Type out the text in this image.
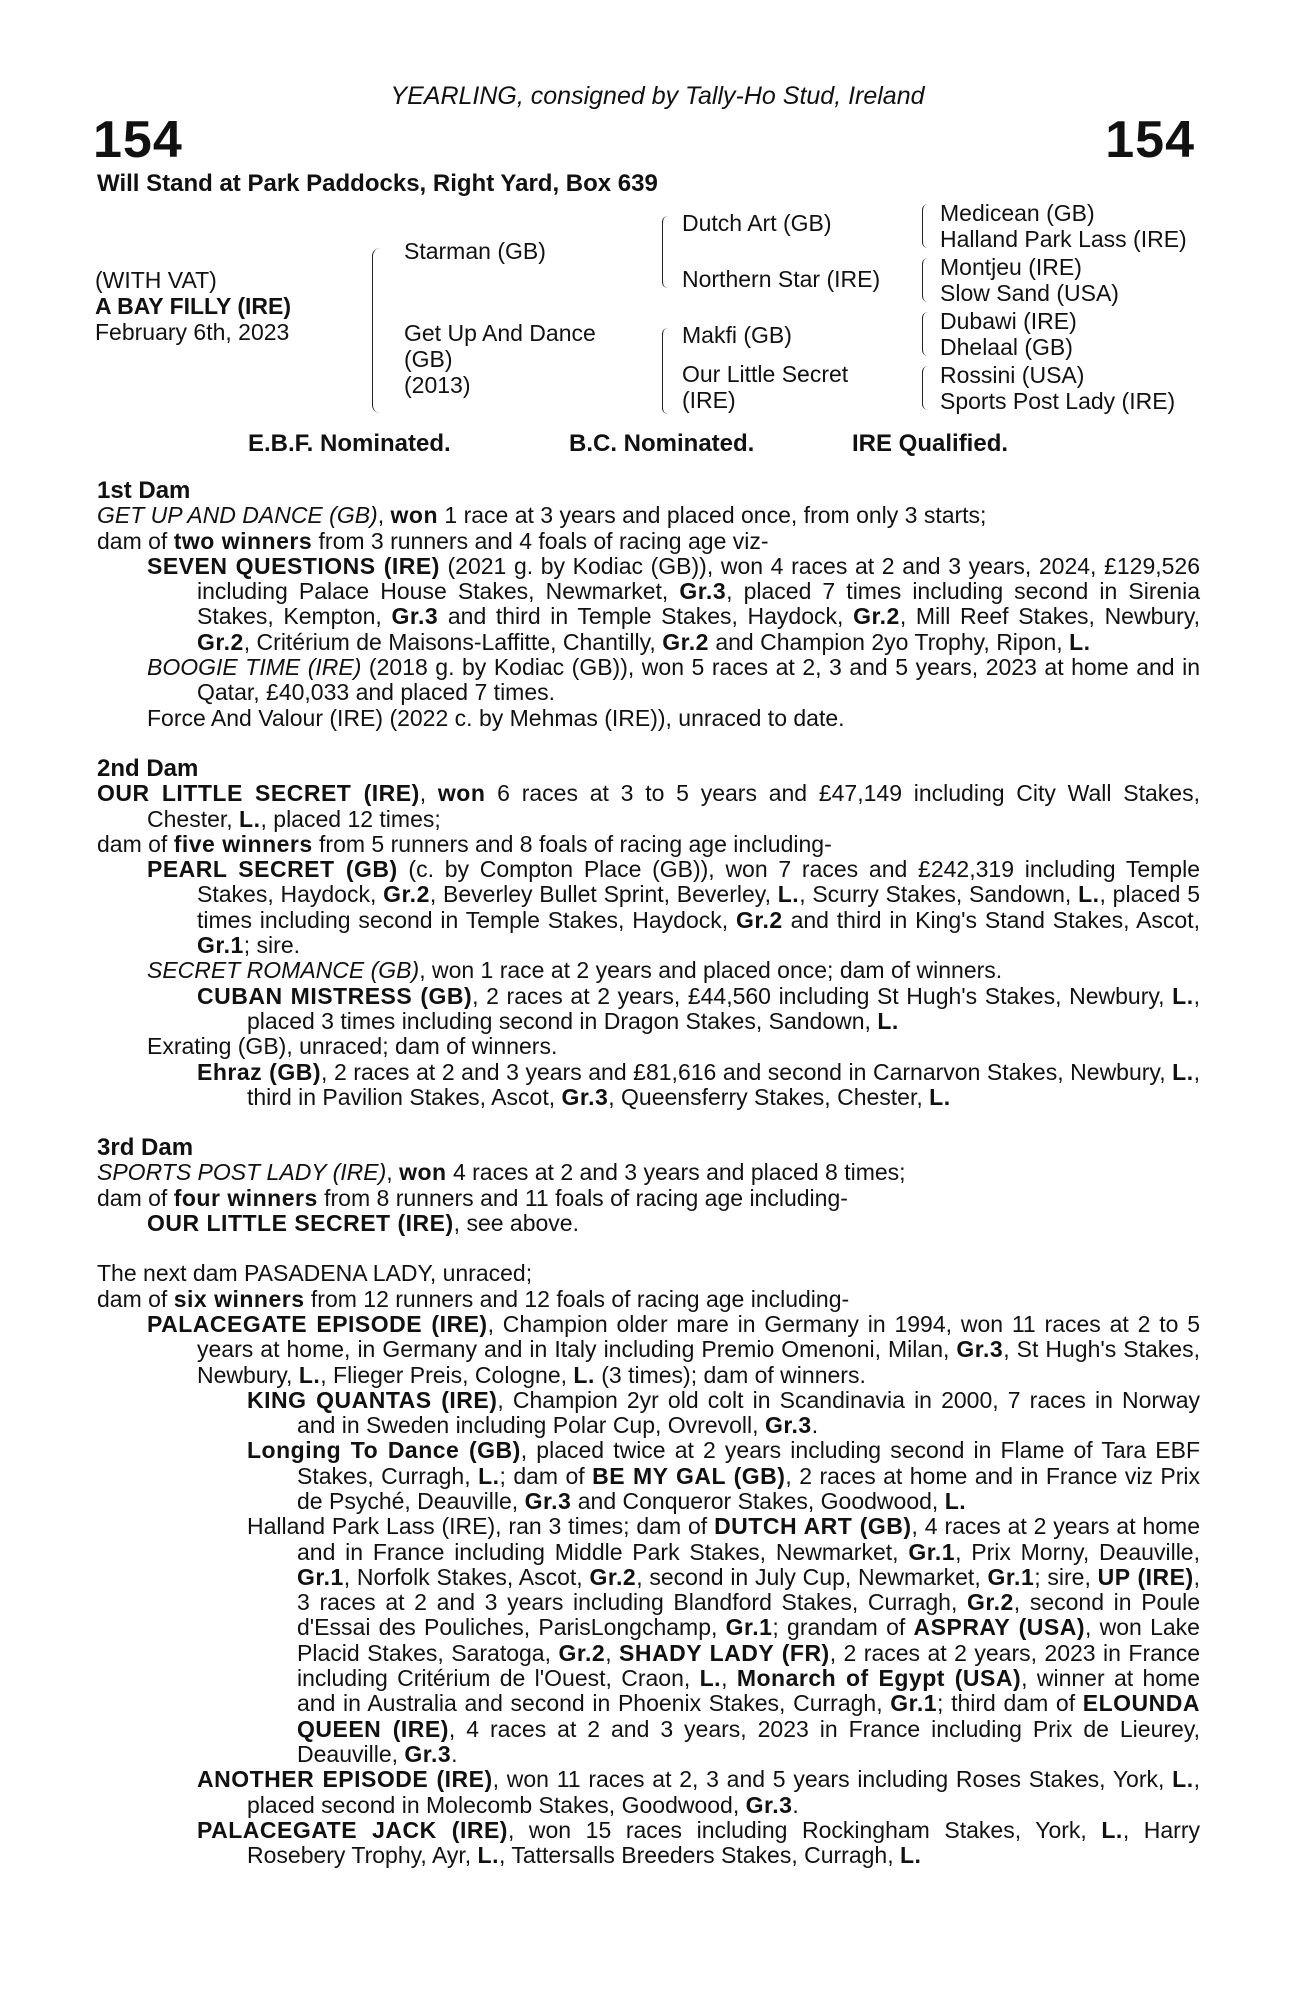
YEARLING, consigned by Tally-Ho Stud, Ireland
154	154
Will Stand at Park Paddocks, Right Yard, Box 639
(WITH VAT)
A BAY FILLY (IRE)
February 6th, 2023
Starman (GB)
Get Up And Dance
(GB)
(2013)
Dutch Art (GB)
Northern Star (IRE)
Makfi (GB)
Our Little Secret
(IRE)
Medicean (GB)
Halland Park Lass (IRE)
Montjeu (IRE)
Slow Sand (USA)
Dubawi (IRE)
Dhelaal (GB)
Rossini (USA)
Sports Post Lady (IRE)
E.B.F. Nominated.	B.C. Nominated.	IRE Qualified.

1st Dam

GET UP AND DANCE (GB), won 1 race at 3 years and placed once, from only 3 starts;

dam of two winners from 3 runners and 4 foals of racing age viz-

SEVEN QUESTIONS (IRE) (2021 g. by Kodiac (GB)), won 4 races at 2 and 3 years, 2024, £129,526 including Palace House Stakes, Newmarket, Gr.3, placed 7 times including second in Sirenia Stakes, Kempton, Gr.3 and third in Temple Stakes, Haydock, Gr.2, Mill Reef Stakes, Newbury, Gr.2, Critérium de Maisons-Laffitte, Chantilly, Gr.2 and Champion 2yo Trophy, Ripon, L.

BOOGIE TIME (IRE) (2018 g. by Kodiac (GB)), won 5 races at 2, 3 and 5 years, 2023 at home and in Qatar, £40,033 and placed 7 times.

Force And Valour (IRE) (2022 c. by Mehmas (IRE)), unraced to date.

2nd Dam

OUR LITTLE SECRET (IRE), won 6 races at 3 to 5 years and £47,149 including City Wall Stakes, Chester, L., placed 12 times;

dam of five winners from 5 runners and 8 foals of racing age including-

PEARL SECRET (GB) (c. by Compton Place (GB)), won 7 races and £242,319 including Temple Stakes, Haydock, Gr.2, Beverley Bullet Sprint, Beverley, L., Scurry Stakes, Sandown, L., placed 5 times including second in Temple Stakes, Haydock, Gr.2 and third in King's Stand Stakes, Ascot, Gr.1; sire.

SECRET ROMANCE (GB), won 1 race at 2 years and placed once; dam of winners.

CUBAN MISTRESS (GB), 2 races at 2 years, £44,560 including St Hugh's Stakes, Newbury, L., placed 3 times including second in Dragon Stakes, Sandown, L.

Exrating (GB), unraced; dam of winners.

Ehraz (GB), 2 races at 2 and 3 years and £81,616 and second in Carnarvon Stakes, Newbury, L., third in Pavilion Stakes, Ascot, Gr.3, Queensferry Stakes, Chester, L.

3rd Dam

SPORTS POST LADY (IRE), won 4 races at 2 and 3 years and placed 8 times;

dam of four winners from 8 runners and 11 foals of racing age including-

OUR LITTLE SECRET (IRE), see above.

The next dam PASADENA LADY, unraced;

dam of six winners from 12 runners and 12 foals of racing age including-

PALACEGATE EPISODE (IRE), Champion older mare in Germany in 1994, won 11 races at 2 to 5 years at home, in Germany and in Italy including Premio Omenoni, Milan, Gr.3, St Hugh's Stakes, Newbury, L., Flieger Preis, Cologne, L. (3 times); dam of winners.

KING QUANTAS (IRE), Champion 2yr old colt in Scandinavia in 2000, 7 races in Norway and in Sweden including Polar Cup, Ovrevoll, Gr.3.

Longing To Dance (GB), placed twice at 2 years including second in Flame of Tara EBF Stakes, Curragh, L.; dam of BE MY GAL (GB), 2 races at home and in France viz Prix de Psyché, Deauville, Gr.3 and Conqueror Stakes, Goodwood, L.

Halland Park Lass (IRE), ran 3 times; dam of DUTCH ART (GB), 4 races at 2 years at home and in France including Middle Park Stakes, Newmarket, Gr.1, Prix Morny, Deauville, Gr.1, Norfolk Stakes, Ascot, Gr.2, second in July Cup, Newmarket, Gr.1; sire, UP (IRE), 3 races at 2 and 3 years including Blandford Stakes, Curragh, Gr.2, second in Poule d'Essai des Pouliches, ParisLongchamp, Gr.1; grandam of ASPRAY (USA), won Lake Placid Stakes, Saratoga, Gr.2, SHADY LADY (FR), 2 races at 2 years, 2023 in France including Critérium de l'Ouest, Craon, L., Monarch of Egypt (USA), winner at home and in Australia and second in Phoenix Stakes, Curragh, Gr.1; third dam of ELOUNDA QUEEN (IRE), 4 races at 2 and 3 years, 2023 in France including Prix de Lieurey, Deauville, Gr.3.

ANOTHER EPISODE (IRE), won 11 races at 2, 3 and 5 years including Roses Stakes, York, L., placed second in Molecomb Stakes, Goodwood, Gr.3.

PALACEGATE JACK (IRE), won 15 races including Rockingham Stakes, York, L., Harry Rosebery Trophy, Ayr, L., Tattersalls Breeders Stakes, Curragh, L.
